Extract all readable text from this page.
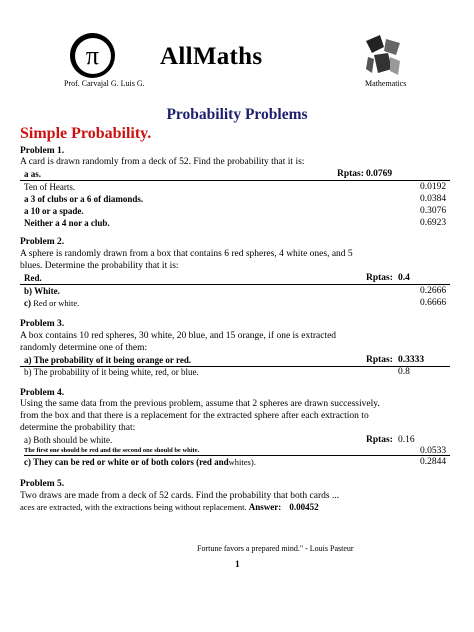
π AllMaths
Prof. Carvajal G. Luis G.	Mathematics
Probability Problems
Simple Probability.
Problem 1.
A card is drawn randomly from a deck of 52. Find the probability that it is:
a as.	Rptas: 0.0769
Ten of Hearts.	0.0192
a 3 of clubs or a 6 of diamonds.	0.0384
a 10 or a spade.	0.3076
Neither a 4 nor a club.	0.6923
Problem 2.
A sphere is randomly drawn from a box that contains 6 red spheres, 4 white ones, and 5
blues. Determine the probability that it is:
Red.	Rptas: 0.4
b) White.	0.2666
c) Red or white.	0.6666
Problem 3.
A box contains 10 red spheres, 30 white, 20 blue, and 15 orange, if one is extracted
randomly determine one of them:
a) The probability of it being orange or red.	Rptas: 0.3333
b) The probability of it being white, red, or blue.	0.8
Problem 4.
Using the same data from the previous problem, assume that 2 spheres are drawn successively.
from the box and that there is a replacement for the extracted sphere after each extraction to
determine the probability that:
a) Both should be white.	Rptas: 0.16
The first one should be red and the second one should be white.	0.0533
c) They can be red or white or of both colors (red andwhites).	0.2844
Problem 5.
Two draws are made from a deck of 52 cards. Find the probability that both cards ...
aces are extracted, with the extractions being without replacement. Answer: 0.00452
Fortune favors a prepared mind." - Louis Pasteur
1
